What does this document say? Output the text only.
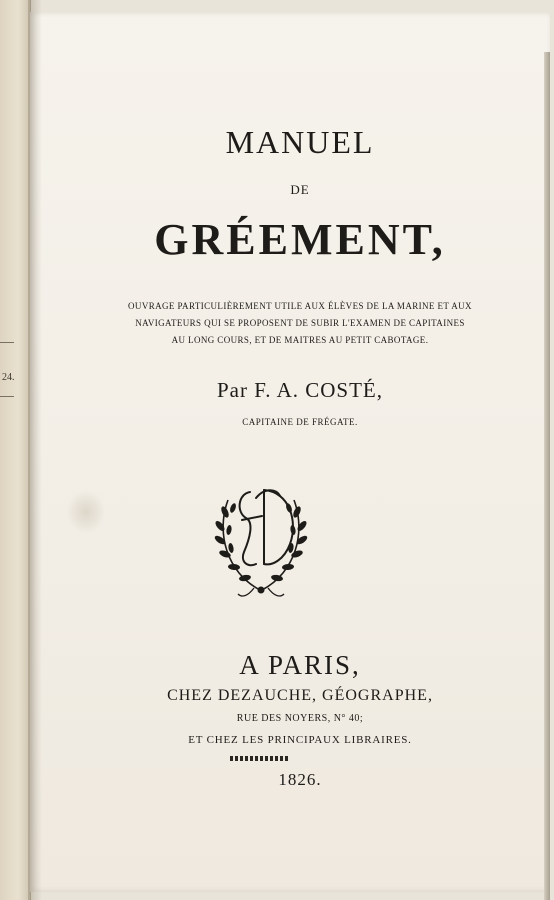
24.
MANUEL
DE
GRÉEMENT,
OUVRAGE PARTICULIÈREMENT UTILE AUX ÉLÈVES DE LA MARINE ET AUX
NAVIGATEURS QUI SE PROPOSENT DE SUBIR L'EXAMEN DE CAPITAINES
AU LONG COURS, ET DE MAITRES AU PETIT CABOTAGE.
Par F. A. COSTÉ,
CAPITAINE DE FRÉGATE.
A PARIS,
CHEZ DEZAUCHE, GÉOGRAPHE,
RUE DES NOYERS, N° 40;
ET CHEZ LES PRINCIPAUX LIBRAIRES.
1826.
